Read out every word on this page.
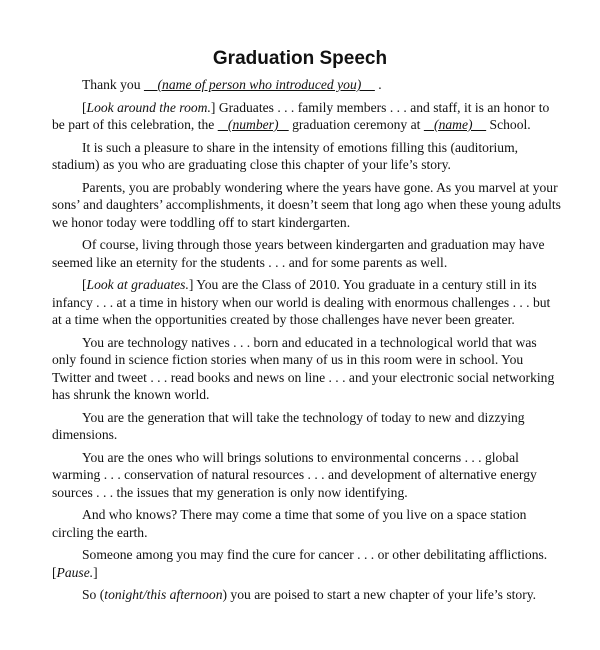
Graduation Speech

Thank you     (name of person who introduced you)     .

[Look around the room.] Graduates . . . family members . . . and staff, it is an honor to be part of this celebration, the    (number)    graduation ceremony at    (name)     School.

It is such a pleasure to share in the intensity of emotions filling this (auditorium, stadium) as you who are graduating close this chapter of your life’s story.

Parents, you are probably wondering where the years have gone. As you marvel at your sons’ and daughters’ accomplishments, it doesn’t seem that long ago when these young adults we honor today were toddling off to start kindergarten.

Of course, living through those years between kindergarten and graduation may have seemed like an eternity for the students . . . and for some parents as well.

[Look at graduates.] You are the Class of 2010. You graduate in a century still in its infancy . . . at a time in history when our world is dealing with enormous challenges . . . but at a time when the opportunities created by those challenges have never been greater.

You are technology natives . . . born and educated in a technological world that was only found in science fiction stories when many of us in this room were in school. You Twitter and tweet . . . read books and news on line . . . and your electronic social networking has shrunk the known world.

You are the generation that will take the technology of today to new and dizzying dimensions.

You are the ones who will brings solutions to environmental concerns . . . global warming . . . conservation of natural resources . . . and development of alternative energy sources . . . the issues that my generation is only now identifying.

And who knows? There may come a time that some of you live on a space station circling the earth.

Someone among you may find the cure for cancer . . . or other debilitating afflictions. [Pause.]

So (tonight/this afternoon) you are poised to start a new chapter of your life’s story.
